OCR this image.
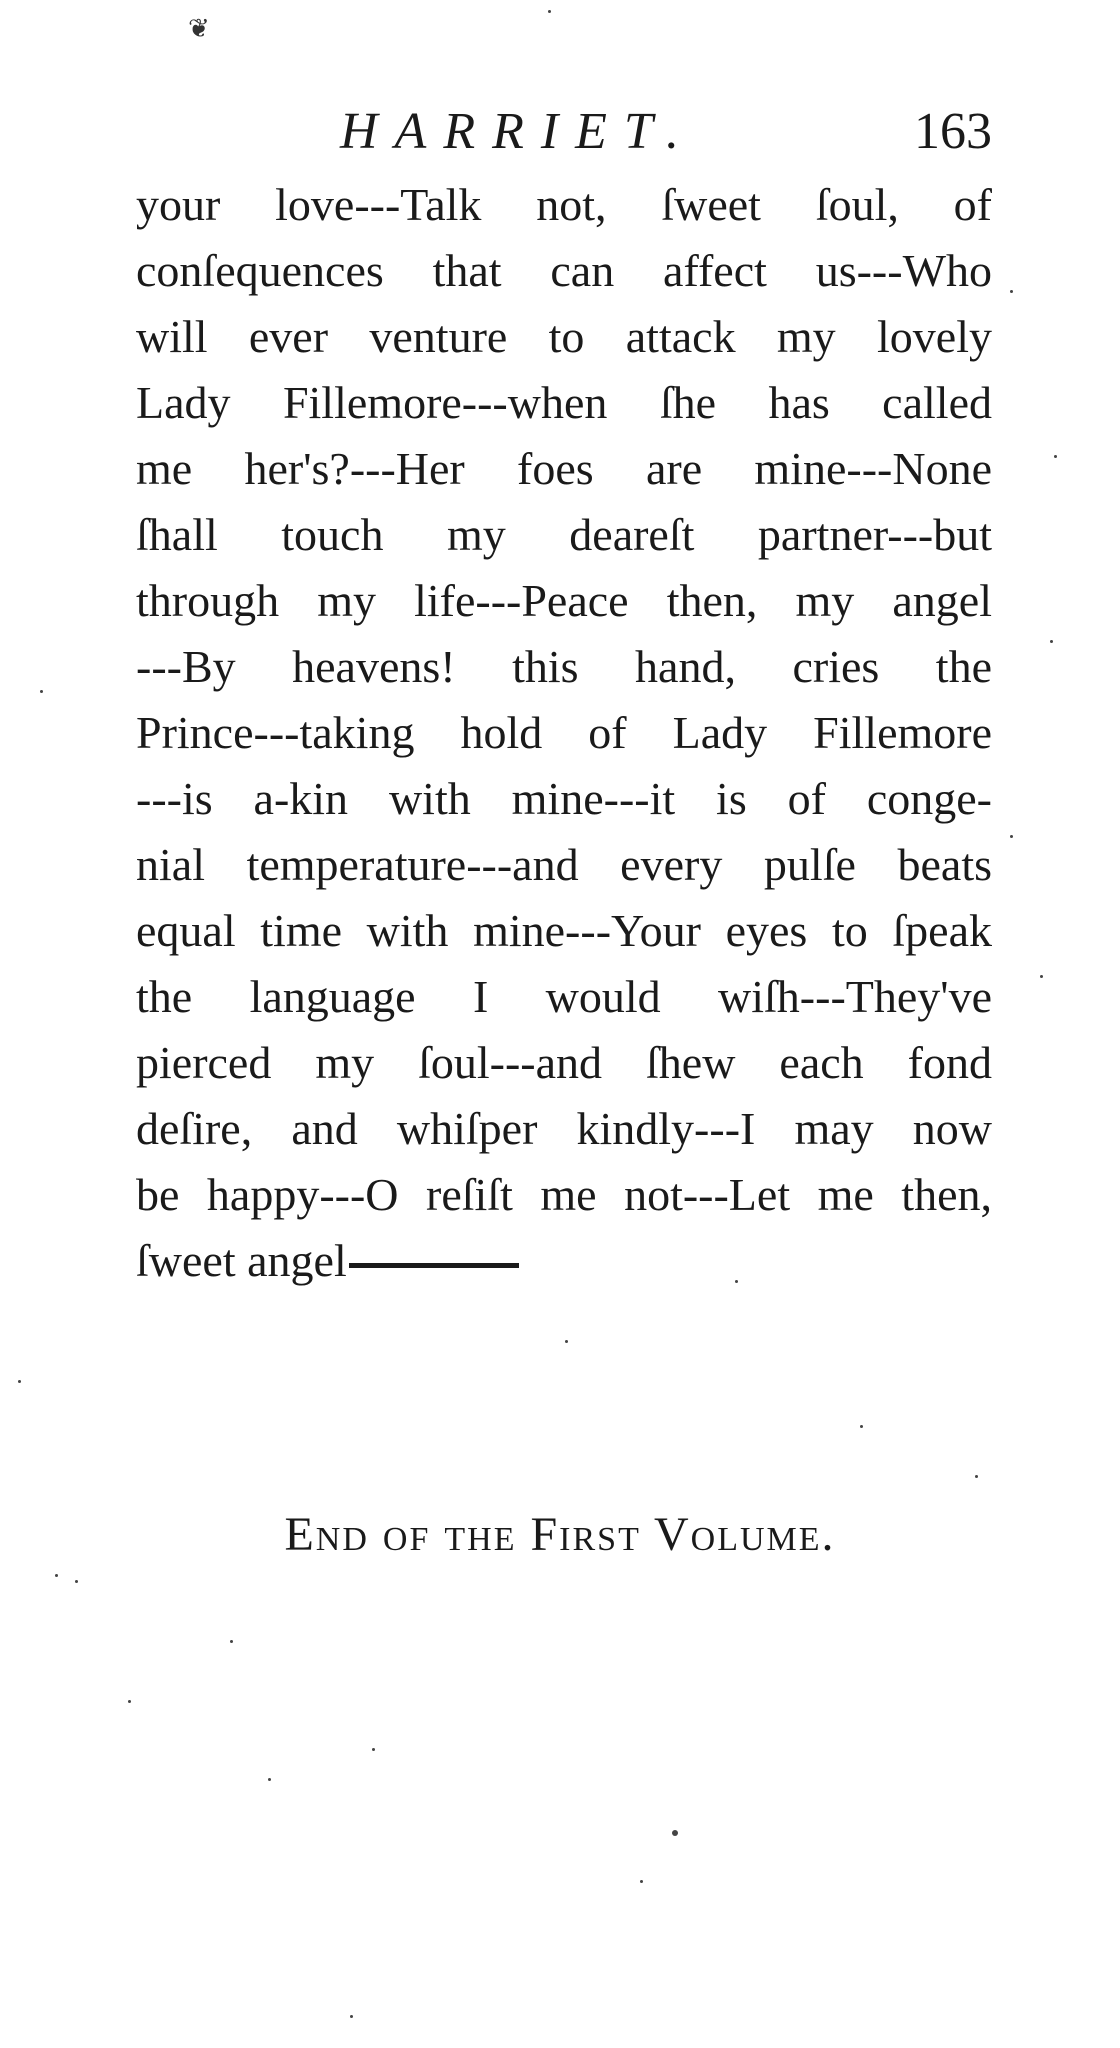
❦
HARRIET.	163
your love---Talk not, ſweet ſoul, of
conſequences that can affect us---Who
will ever venture to attack my lovely
Lady Fillemore---when ſhe has called
me her's?---Her foes are mine---None
ſhall touch my deareſt partner---but
through my life---Peace then, my angel
---By heavens! this hand, cries the
Prince---taking hold of Lady Fillemore
---is a-kin with mine---it is of conge-
nial temperature---and every pulſe beats
equal time with mine---Your eyes to ſpeak
the language I would wiſh---They've
pierced my ſoul---and ſhew each fond
deſire, and whiſper kindly---I may now
be happy---O reſiſt me not---Let me then,
ſweet angel
End of the First Volume.
